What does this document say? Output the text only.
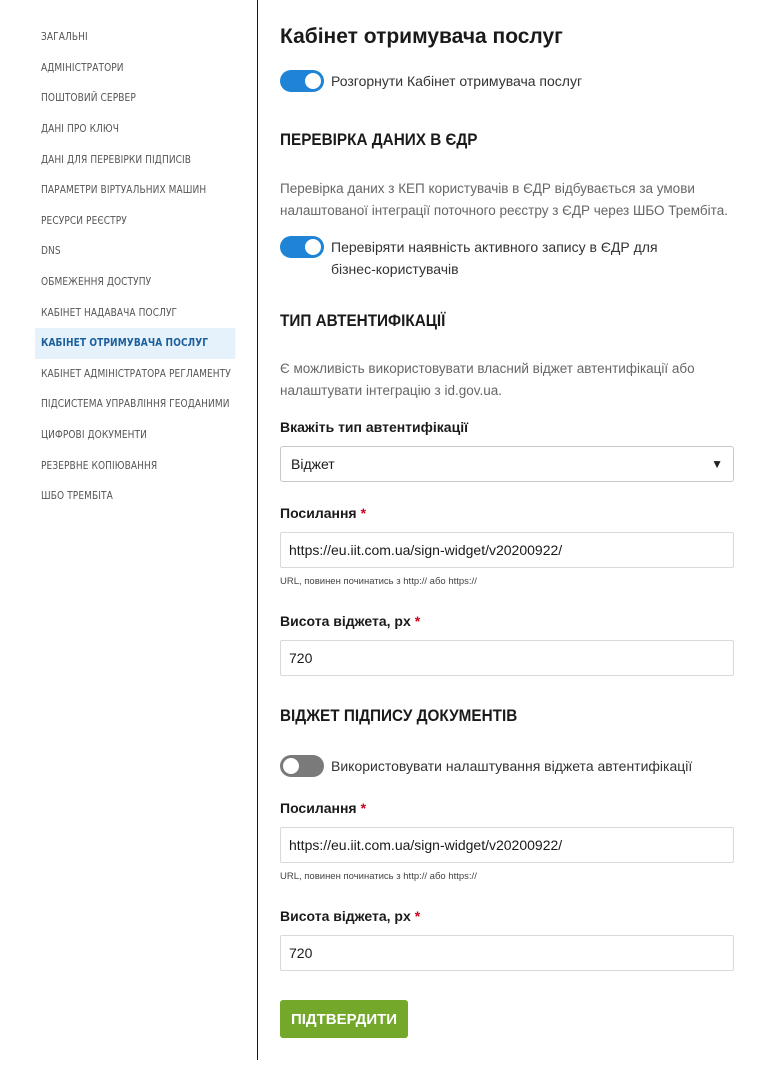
ЗАГАЛЬНІ
АДМІНІСТРАТОРИ
ПОШТОВИЙ СЕРВЕР
ДАНІ ПРО КЛЮЧ
ДАНІ ДЛЯ ПЕРЕВІРКИ ПІДПИСІВ
ПАРАМЕТРИ ВІРТУАЛЬНИХ МАШИН
РЕСУРСИ РЕЄСТРУ
DNS
ОБМЕЖЕННЯ ДОСТУПУ
КАБІНЕТ НАДАВАЧА ПОСЛУГ
КАБІНЕТ ОТРИМУВАЧА ПОСЛУГ
КАБІНЕТ АДМІНІСТРАТОРА РЕГЛАМЕНТУ
ПІДСИСТЕМА УПРАВЛІННЯ ГЕОДАНИМИ
ЦИФРОВІ ДОКУМЕНТИ
РЕЗЕРВНЕ КОПІЮВАННЯ
ШБО ТРЕМБІТА
Кабінет отримувача послуг
Розгорнути Кабінет отримувача послуг
ПЕРЕВІРКА ДАНИХ В ЄДР

Перевірка даних з КЕП користувачів в ЄДР відбувається за умови налаштованої інтеграції поточного реєстру з ЄДР через ШБО Трембіта.

Перевіряти наявність активного запису в ЄДР для бізнес-користувачів
ТИП АВТЕНТИФІКАЦІЇ

Є можливість використовувати власний віджет автентифікації або налаштувати інтеграцію з id.gov.ua.

Вкажіть тип автентифікації
Віджет	▼
Посилання *
https://eu.iit.com.ua/sign-widget/v20200922/
URL, повинен починатись з http:// або https://
Висота віджета, px *
720
ВІДЖЕТ ПІДПИСУ ДОКУМЕНТІВ
Використовувати налаштування віджета автентифікації
Посилання *
https://eu.iit.com.ua/sign-widget/v20200922/
URL, повинен починатись з http:// або https://
Висота віджета, px *
720
ПІДТВЕРДИТИ
